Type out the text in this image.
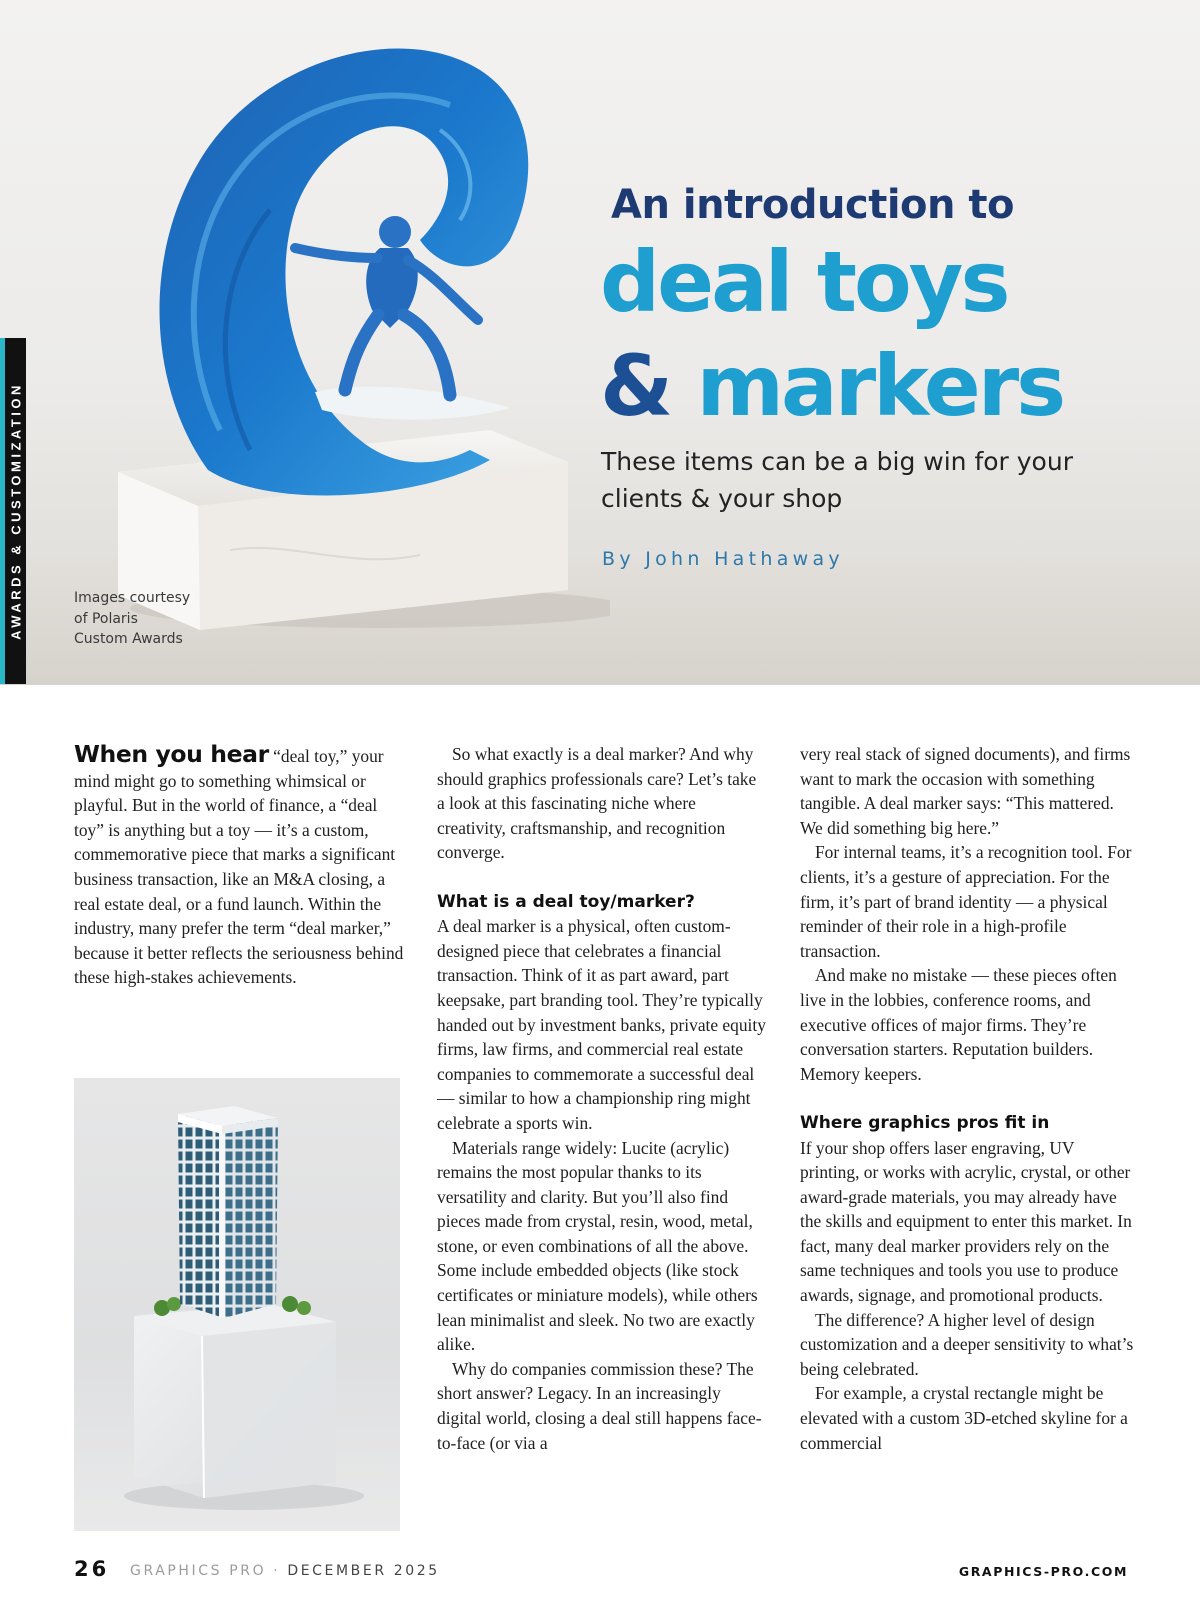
Images courtesy of Polaris Custom Awards
An introduction to
deal toys
& markers
These items can be a big win for your clients & your shop
By John Hathaway
AWARDS & CUSTOMIZATION

When you hear “deal toy,” your mind might go to something whimsical or playful. But in the world of finance, a “deal toy” is anything but a toy — it’s a custom, commemorative piece that marks a significant business transaction, like an M&A closing, a real estate deal, or a fund launch. Within the industry, many prefer the term “deal marker,” because it better reflects the seriousness behind these high-stakes achievements.

So what exactly is a deal marker? And why should graphics professionals care? Let’s take a look at this fascinating niche where creativity, craftsmanship, and recognition converge.

What is a deal toy/marker?

A deal marker is a physical, often custom-designed piece that celebrates a financial transaction. Think of it as part award, part keepsake, part branding tool. They’re typically handed out by investment banks, private equity firms, law firms, and commercial real estate companies to commemorate a successful deal — similar to how a championship ring might celebrate a sports win.

Materials range widely: Lucite (acrylic) remains the most popular thanks to its versatility and clarity. But you’ll also find pieces made from crystal, resin, wood, metal, stone, or even combinations of all the above. Some include embedded objects (like stock certificates or miniature models), while others lean minimalist and sleek. No two are exactly alike.

Why do companies commission these? The short answer? Legacy. In an increasingly digital world, closing a deal still happens face-to-face (or via a

very real stack of signed documents), and firms want to mark the occasion with something tangible. A deal marker says: “This mattered. We did something big here.”

For internal teams, it’s a recognition tool. For clients, it’s a gesture of appreciation. For the firm, it’s part of brand identity — a physical reminder of their role in a high-profile transaction.

And make no mistake — these pieces often live in the lobbies, conference rooms, and executive offices of major firms. They’re conversation starters. Reputation builders. Memory keepers.

Where graphics pros fit in

If your shop offers laser engraving, UV printing, or works with acrylic, crystal, or other award-grade materials, you may already have the skills and equipment to enter this market. In fact, many deal marker providers rely on the same techniques and tools you use to produce awards, signage, and promotional products.

The difference? A higher level of design customization and a deeper sensitivity to what’s being celebrated.

For example, a crystal rectangle might be elevated with a custom 3D-etched skyline for a commercial

26 GRAPHICS PRO · DECEMBER 2025	GRAPHICS-PRO.COM
